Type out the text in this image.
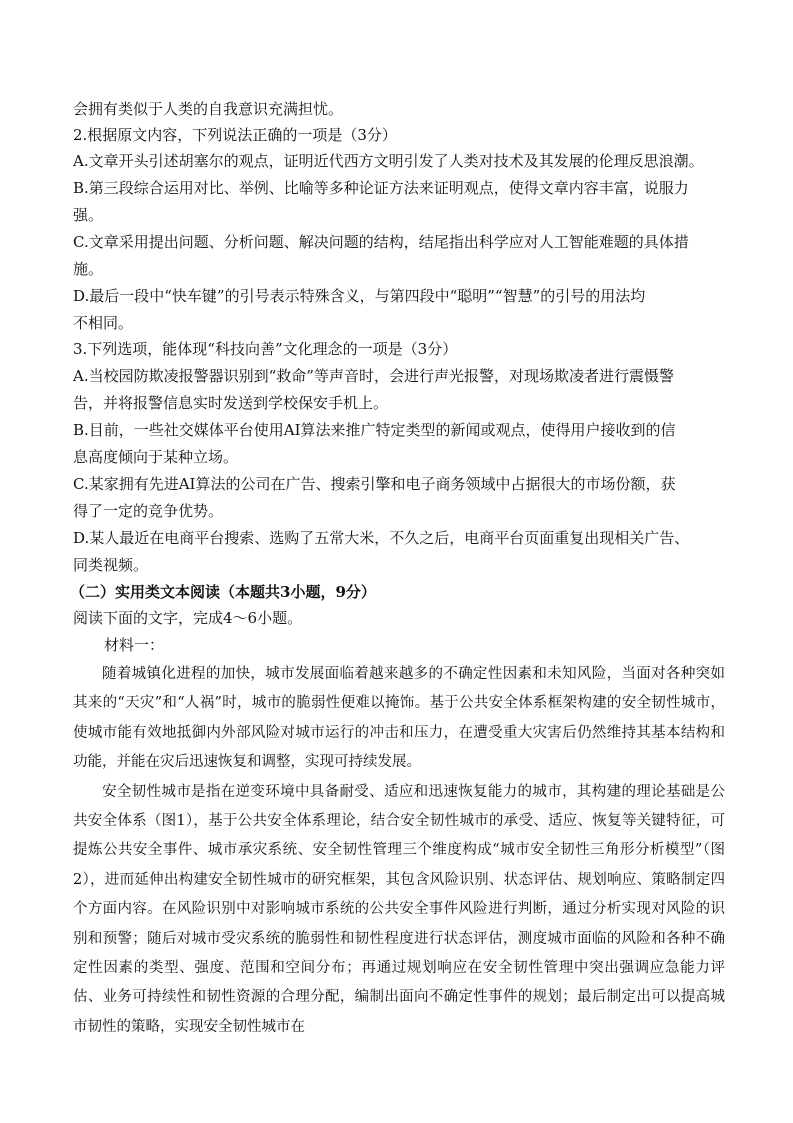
会拥有类似于人类的自我意识充满担忧。
2.根据原文内容，下列说法正确的一项是（3分）
A.文章开头引述胡塞尔的观点，证明近代西方文明引发了人类对技术及其发展的伦理反思浪潮。
B.第三段综合运用对比、举例、比喻等多种论证方法来证明观点，使得文章内容丰富，说服力
强。
C.文章采用提出问题、分析问题、解决问题的结构，结尾指出科学应对人工智能难题的具体措
施。
D.最后一段中“快车键”的引号表示特殊含义，与第四段中“聪明”“智慧”的引号的用法均
不相同。
3.下列选项，能体现“科技向善”文化理念的一项是（3分）
A.当校园防欺凌报警器识别到“救命”等声音时，会进行声光报警，对现场欺凌者进行震慑警
告，并将报警信息实时发送到学校保安手机上。
B.目前，一些社交媒体平台使用AI算法来推广特定类型的新闻或观点，使得用户接收到的信
息高度倾向于某种立场。
C.某家拥有先进AI算法的公司在广告、搜索引擎和电子商务领域中占据很大的市场份额，获
得了一定的竞争优势。
D.某人最近在电商平台搜索、选购了五常大米，不久之后，电商平台页面重复出现相关广告、
同类视频。
（二）实用类文本阅读（本题共3小题，9分）
阅读下面的文字，完成4～6小题。
材料一：

随着城镇化进程的加快，城市发展面临着越来越多的不确定性因素和未知风险，当面对各种突如其来的“天灾”和“人祸”时，城市的脆弱性便难以掩饰。基于公共安全体系框架构建的安全韧性城市，使城市能有效地抵御内外部风险对城市运行的冲击和压力，在遭受重大灾害后仍然维持其基本结构和功能，并能在灾后迅速恢复和调整，实现可持续发展。

安全韧性城市是指在逆变环境中具备耐受、适应和迅速恢复能力的城市，其构建的理论基础是公共安全体系（图1），基于公共安全体系理论，结合安全韧性城市的承受、适应、恢复等关键特征，可提炼公共安全事件、城市承灾系统、安全韧性管理三个维度构成“城市安全韧性三角形分析模型”（图2），进而延伸出构建安全韧性城市的研究框架，其包含风险识别、状态评估、规划响应、策略制定四个方面内容。在风险识别中对影响城市系统的公共安全事件风险进行判断，通过分析实现对风险的识别和预警；随后对城市受灾系统的脆弱性和韧性程度进行状态评估，测度城市面临的风险和各种不确定性因素的类型、强度、范围和空间分布；再通过规划响应在安全韧性管理中突出强调应急能力评估、业务可持续性和韧性资源的合理分配，编制出面向不确定性事件的规划；最后制定出可以提高城市韧性的策略，实现安全韧性城市在
